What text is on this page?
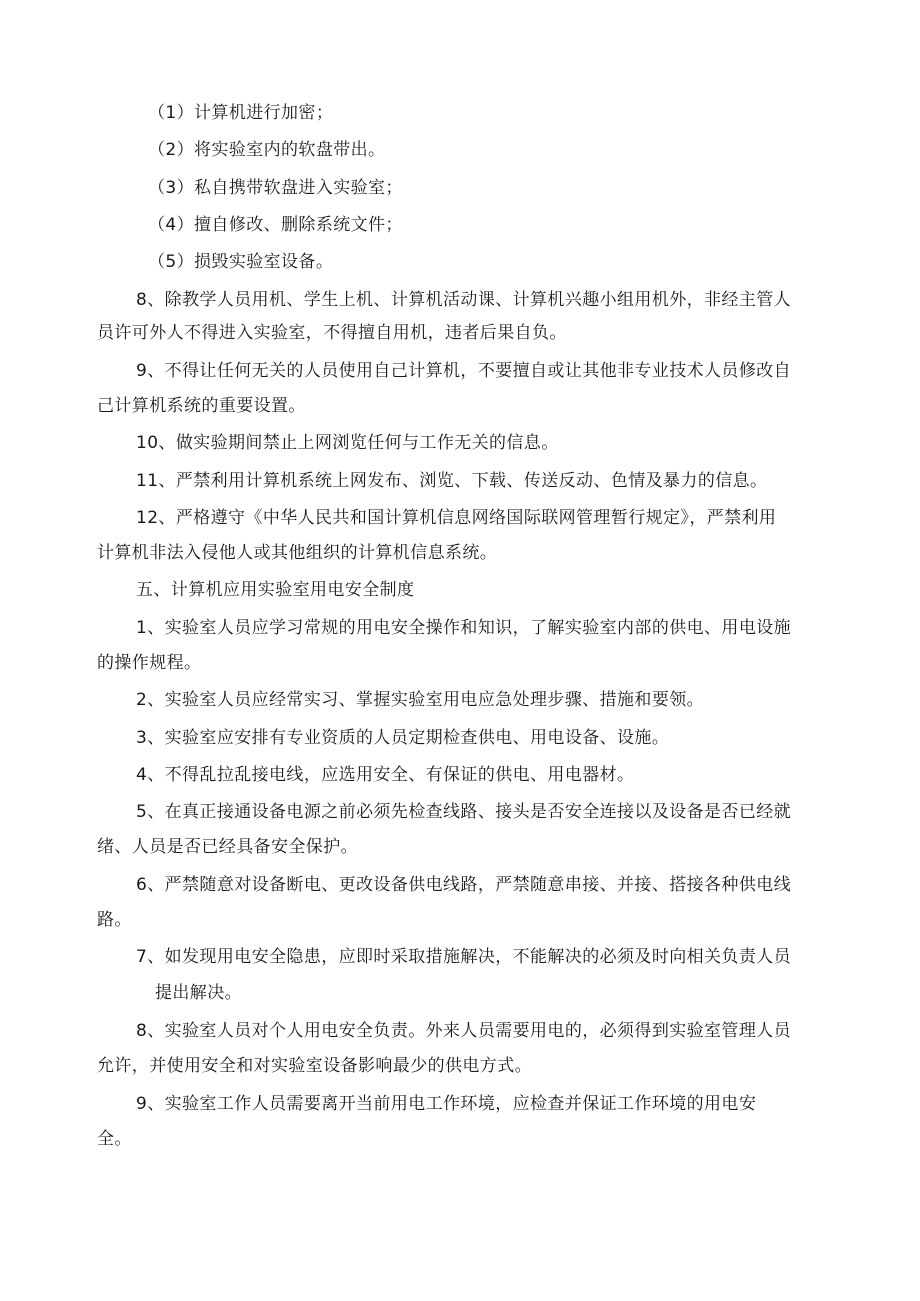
（1）计算机进行加密；
（2）将实验室内的软盘带出。
（3）私自携带软盘进入实验室；
（4）擅自修改、删除系统文件；
（5）损毁实验室设备。
8、除教学人员用机、学生上机、计算机活动课、计算机兴趣小组用机外，非经主管人
员许可外人不得进入实验室，不得擅自用机，违者后果自负。
9、不得让任何无关的人员使用自己计算机，不要擅自或让其他非专业技术人员修改自
己计算机系统的重要设置。
10、做实验期间禁止上网浏览任何与工作无关的信息。
11、严禁利用计算机系统上网发布、浏览、下载、传送反动、色情及暴力的信息。
12、严格遵守《中华人民共和国计算机信息网络国际联网管理暂行规定》，严禁利用
计算机非法入侵他人或其他组织的计算机信息系统。
五、计算机应用实验室用电安全制度
1、实验室人员应学习常规的用电安全操作和知识，了解实验室内部的供电、用电设施
的操作规程。
2、实验室人员应经常实习、掌握实验室用电应急处理步骤、措施和要领。
3、实验室应安排有专业资质的人员定期检查供电、用电设备、设施。
4、不得乱拉乱接电线，应选用安全、有保证的供电、用电器材。
5、在真正接通设备电源之前必须先检查线路、接头是否安全连接以及设备是否已经就
绪、人员是否已经具备安全保护。
6、严禁随意对设备断电、更改设备供电线路，严禁随意串接、并接、搭接各种供电线
路。
7、如发现用电安全隐患，应即时采取措施解决，不能解决的必须及时向相关负责人员
提出解决。
8、实验室人员对个人用电安全负责。外来人员需要用电的，必须得到实验室管理人员
允许，并使用安全和对实验室设备影响最少的供电方式。
9、实验室工作人员需要离开当前用电工作环境，应检查并保证工作环境的用电安
全。
